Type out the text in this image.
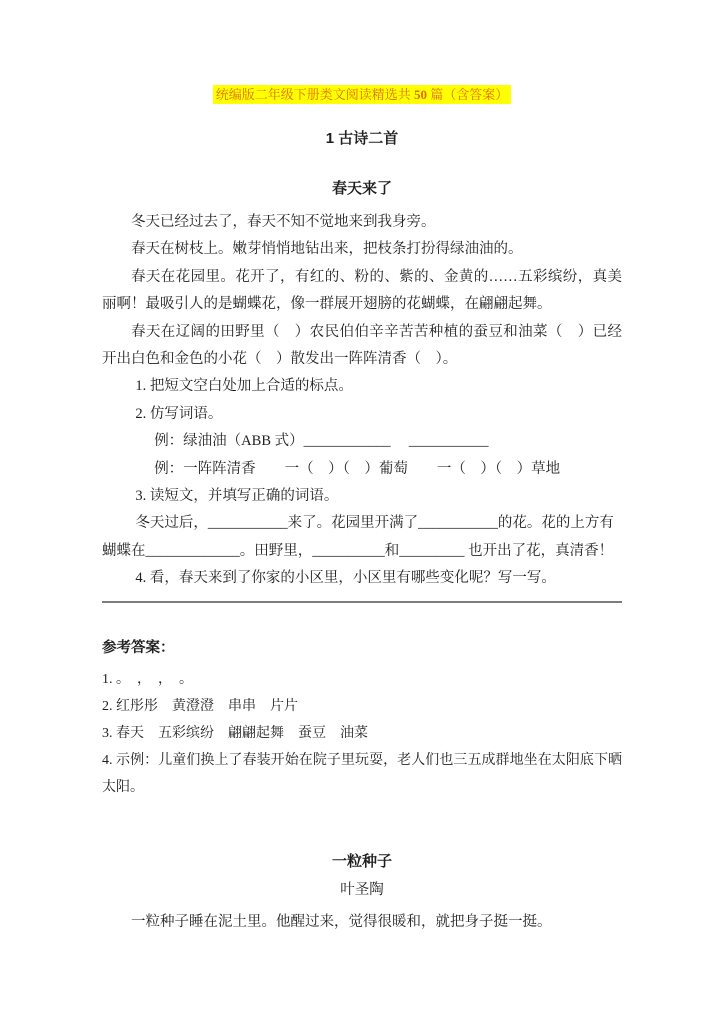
统编版二年级下册类文阅读精选共 50 篇（含答案）
1 古诗二首
春天来了

冬天已经过去了，春天不知不觉地来到我身旁。

春天在树枝上。嫩芽悄悄地钻出来，把枝条打扮得绿油油的。

春天在花园里。花开了，有红的、粉的、紫的、金黄的……五彩缤纷，真美丽啊！最吸引人的是蝴蝶花，像一群展开翅膀的花蝴蝶，在翩翩起舞。

春天在辽阔的田野里（　）农民伯伯辛辛苦苦种植的蚕豆和油菜（　）已经开出白色和金色的小花（　）散发出一阵阵清香（　）。

1. 把短文空白处加上合适的标点。

2. 仿写词语。

例：绿油油（ABB 式）____________　 ___________

例：一阵阵清香　　一（　）（　）葡萄　　一（　）（　）草地

3. 读短文，并填写正确的词语。

冬天过后，___________来了。花园里开满了___________的花。花的上方有

蝴蝶在_____________。田野里，__________和_________ 也开出了花，真清香！

4. 看，春天来到了你家的小区里，小区里有哪些变化呢？写一写。

参考答案：

1. 。　，　，　。

2. 红彤彤　黄澄澄　串串　片片

3. 春天　五彩缤纷　翩翩起舞　蚕豆　油菜

4. 示例：儿童们换上了春装开始在院子里玩耍，老人们也三五成群地坐在太阳底下晒太阳。

一粒种子
叶圣陶

一粒种子睡在泥土里。他醒过来，觉得很暖和，就把身子挺一挺。
